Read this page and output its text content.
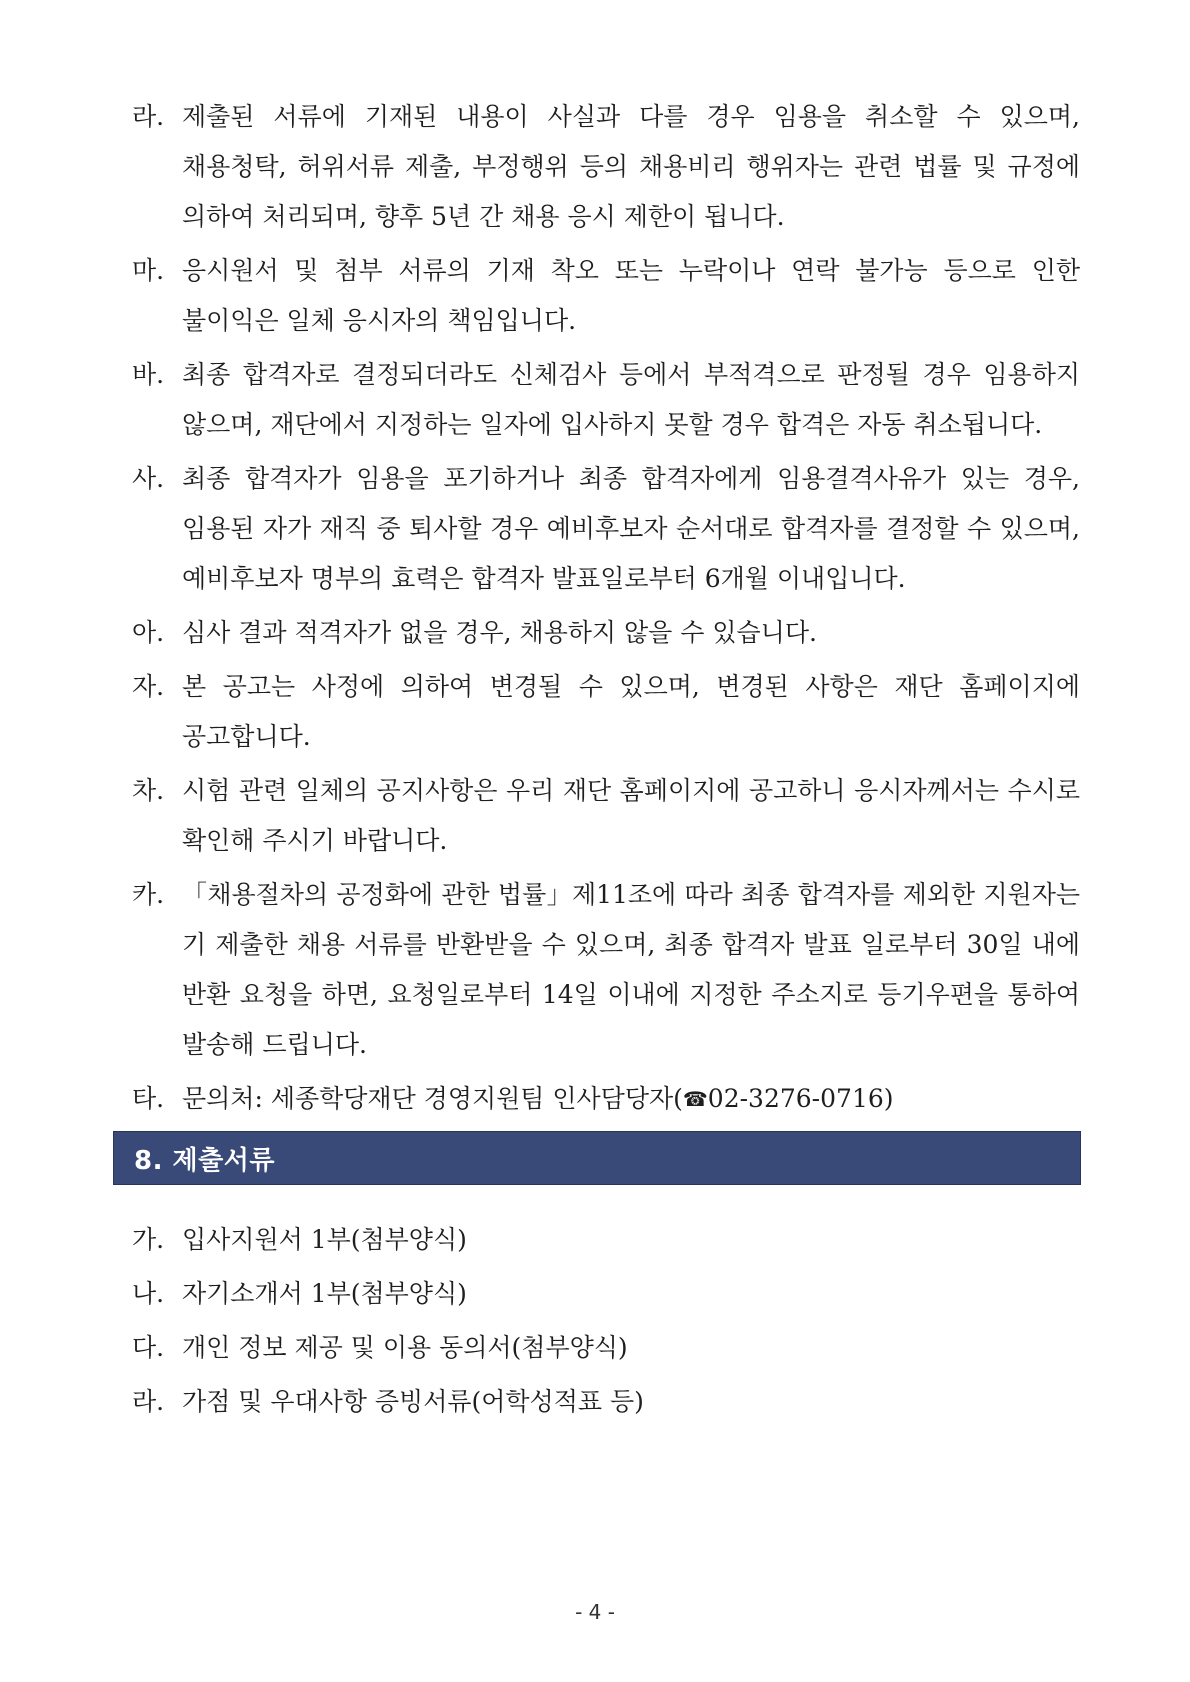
라. 제출된 서류에 기재된 내용이 사실과 다를 경우 임용을 취소할 수 있으며, 채용청탁, 허위서류 제출, 부정행위 등의 채용비리 행위자는 관련 법률 및 규정에 의하여 처리되며, 향후 5년 간 채용 응시 제한이 됩니다.

마. 응시원서 및 첨부 서류의 기재 착오 또는 누락이나 연락 불가능 등으로 인한 불이익은 일체 응시자의 책임입니다.

바. 최종 합격자로 결정되더라도 신체검사 등에서 부적격으로 판정될 경우 임용하지 않으며, 재단에서 지정하는 일자에 입사하지 못할 경우 합격은 자동 취소됩니다.

사. 최종 합격자가 임용을 포기하거나 최종 합격자에게 임용결격사유가 있는 경우, 임용된 자가 재직 중 퇴사할 경우 예비후보자 순서대로 합격자를 결정할 수 있으며, 예비후보자 명부의 효력은 합격자 발표일로부터 6개월 이내입니다.

아. 심사 결과 적격자가 없을 경우, 채용하지 않을 수 있습니다.

자. 본 공고는 사정에 의하여 변경될 수 있으며, 변경된 사항은 재단 홈페이지에 공고합니다.

차. 시험 관련 일체의 공지사항은 우리 재단 홈페이지에 공고하니 응시자께서는 수시로 확인해 주시기 바랍니다.

카. 「채용절차의 공정화에 관한 법률」제11조에 따라 최종 합격자를 제외한 지원자는 기 제출한 채용 서류를 반환받을 수 있으며, 최종 합격자 발표 일로부터 30일 내에 반환 요청을 하면, 요청일로부터 14일 이내에 지정한 주소지로 등기우편을 통하여 발송해 드립니다.

타. 문의처: 세종학당재단 경영지원팀 인사담당자(☎02-3276-0716)

8. 제출서류
가. 입사지원서 1부(첨부양식)

나. 자기소개서 1부(첨부양식)

다. 개인 정보 제공 및 이용 동의서(첨부양식)

라. 가점 및 우대사항 증빙서류(어학성적표 등)

- 4 -
